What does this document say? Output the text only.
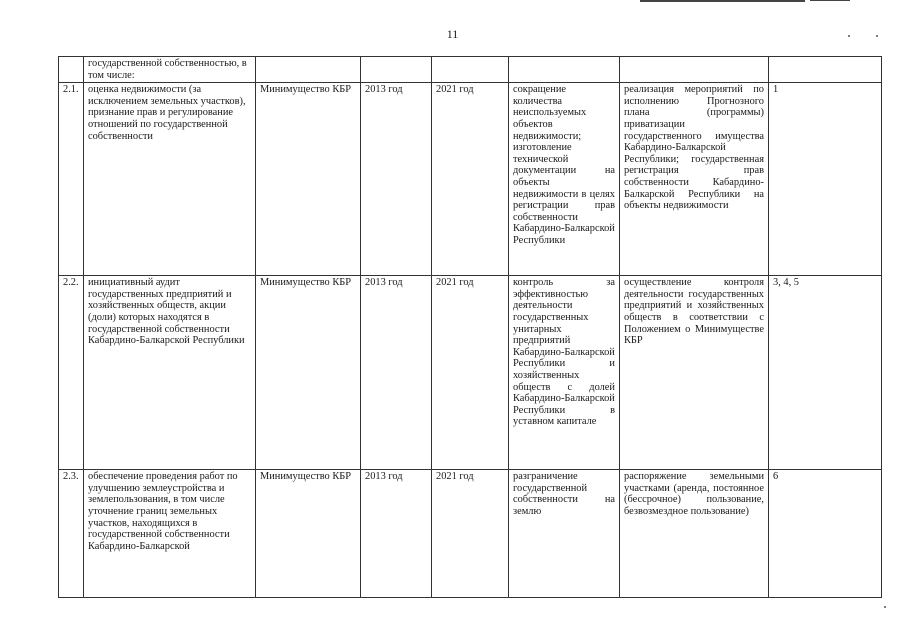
11
	государственной собственностью, в том числе:						
2.1.	оценка недвижимости (за исключением земельных участков), признание прав и регулирование отношений по государственной собственности	Минимущество КБР	2013 год	2021 год	сокращение количества неиспользуемых объектов недвижимости; изготовление технической документации на объекты недвижимости в целях регистрации прав собственности Кабардино-Балкарской Республики	реализация мероприятий по исполнению Прогнозного плана (программы) приватизации государственного имущества Кабардино-Балкарской Республики; государственная регистрация прав собственности Кабардино-Балкарской Республики на объекты недвижимости	1
2.2.	инициативный аудит государственных предприятий и хозяйственных обществ, акции (доли) которых находятся в государственной собственности Кабардино-Балкарской Республики	Минимущество КБР	2013 год	2021 год	контроль за эффективностью деятельности государственных унитарных предприятий Кабардино-Балкарской Республики и хозяйственных обществ с долей Кабардино-Балкарской Республики в уставном капитале	осуществление контроля деятельности государственных предприятий и хозяйственных обществ в соответствии с Положением о Минимуществе КБР	3, 4, 5
2.3.	обеспечение проведения работ по улучшению землеустройства и землепользования, в том числе уточнение границ земельных участков, находящихся в государственной собственности Кабардино-Балкарской	Минимущество КБР	2013 год	2021 год	разграничение государственной собственности на землю	распоряжение земельными участками (аренда, постоянное (бессрочное) пользование, безвозмездное пользование)	6
